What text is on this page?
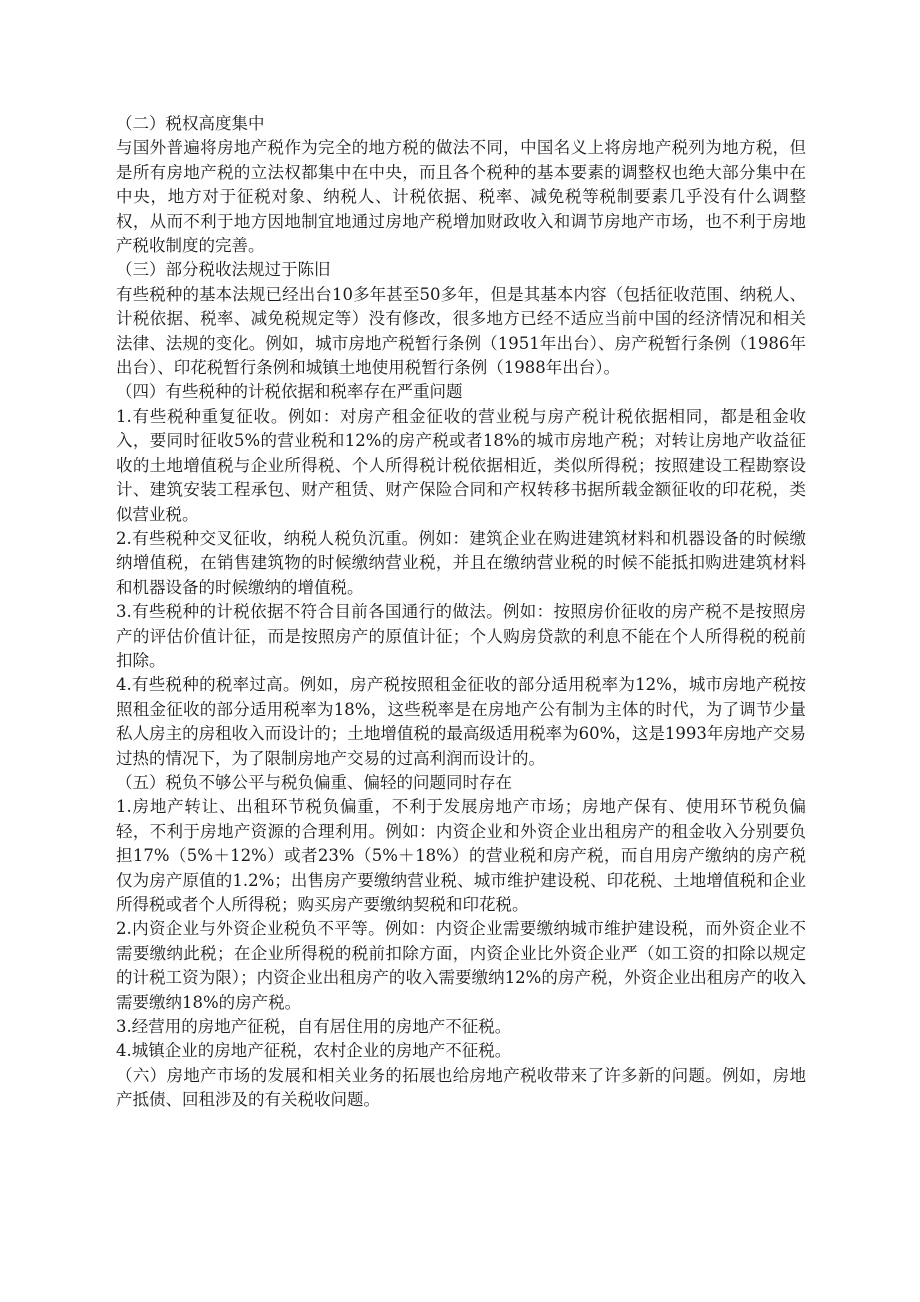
（二）税权高度集中

与国外普遍将房地产税作为完全的地方税的做法不同，中国名义上将房地产税列为地方税，但是所有房地产税的立法权都集中在中央，而且各个税种的基本要素的调整权也绝大部分集中在中央，地方对于征税对象、纳税人、计税依据、税率、减免税等税制要素几乎没有什么调整权，从而不利于地方因地制宜地通过房地产税增加财政收入和调节房地产市场，也不利于房地产税收制度的完善。

（三）部分税收法规过于陈旧

有些税种的基本法规已经出台10多年甚至50多年，但是其基本内容（包括征收范围、纳税人、计税依据、税率、减免税规定等）没有修改，很多地方已经不适应当前中国的经济情况和相关法律、法规的变化。例如，城市房地产税暂行条例（1951年出台）、房产税暂行条例（1986年出台）、印花税暂行条例和城镇土地使用税暂行条例（1988年出台）。

（四）有些税种的计税依据和税率存在严重问题

1.有些税种重复征收。例如：对房产租金征收的营业税与房产税计税依据相同，都是租金收入，要同时征收5%的营业税和12%的房产税或者18%的城市房地产税；对转让房地产收益征收的土地增值税与企业所得税、个人所得税计税依据相近，类似所得税；按照建设工程勘察设计、建筑安装工程承包、财产租赁、财产保险合同和产权转移书据所载金额征收的印花税，类似营业税。

2.有些税种交叉征收，纳税人税负沉重。例如：建筑企业在购进建筑材料和机器设备的时候缴纳增值税，在销售建筑物的时候缴纳营业税，并且在缴纳营业税的时候不能抵扣购进建筑材料和机器设备的时候缴纳的增值税。

3.有些税种的计税依据不符合目前各国通行的做法。例如：按照房价征收的房产税不是按照房产的评估价值计征，而是按照房产的原值计征；个人购房贷款的利息不能在个人所得税的税前扣除。

4.有些税种的税率过高。例如，房产税按照租金征收的部分适用税率为12%，城市房地产税按照租金征收的部分适用税率为18%，这些税率是在房地产公有制为主体的时代，为了调节少量私人房主的房租收入而设计的；土地增值税的最高级适用税率为60%，这是1993年房地产交易过热的情况下，为了限制房地产交易的过高利润而设计的。

（五）税负不够公平与税负偏重、偏轻的问题同时存在

1.房地产转让、出租环节税负偏重，不利于发展房地产市场；房地产保有、使用环节税负偏轻，不利于房地产资源的合理利用。例如：内资企业和外资企业出租房产的租金收入分别要负担17%（5%＋12%）或者23%（5%＋18%）的营业税和房产税，而自用房产缴纳的房产税仅为房产原值的1.2%；出售房产要缴纳营业税、城市维护建设税、印花税、土地增值税和企业所得税或者个人所得税；购买房产要缴纳契税和印花税。

2.内资企业与外资企业税负不平等。例如：内资企业需要缴纳城市维护建设税，而外资企业不需要缴纳此税；在企业所得税的税前扣除方面，内资企业比外资企业严（如工资的扣除以规定的计税工资为限）；内资企业出租房产的收入需要缴纳12%的房产税，外资企业出租房产的收入需要缴纳18%的房产税。

3.经营用的房地产征税，自有居住用的房地产不征税。

4.城镇企业的房地产征税，农村企业的房地产不征税。

（六）房地产市场的发展和相关业务的拓展也给房地产税收带来了许多新的问题。例如，房地产抵债、回租涉及的有关税收问题。
